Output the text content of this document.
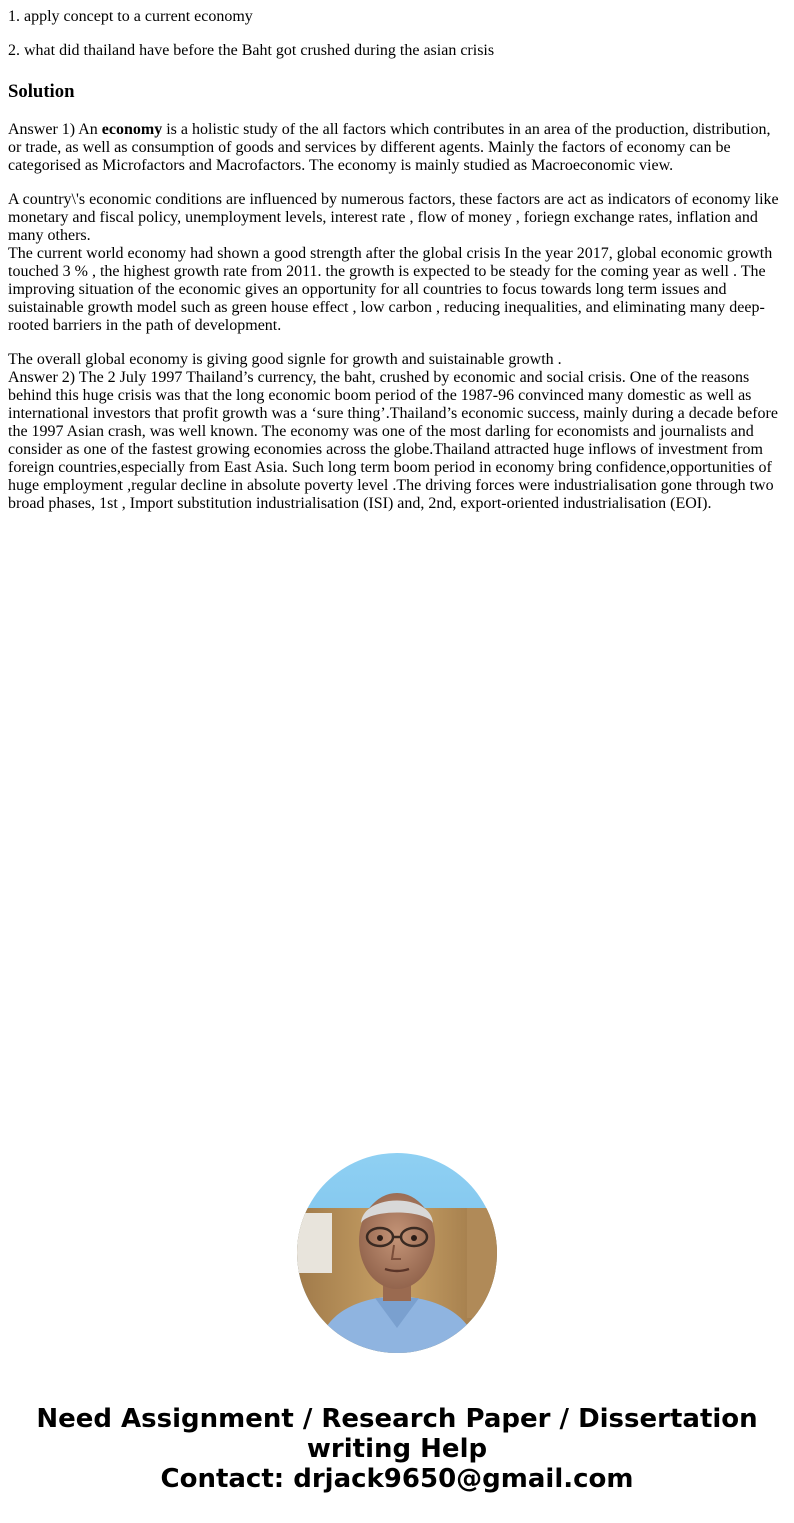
1. apply concept to a current economy

2. what did thailand have before the Baht got crushed during the asian crisis

Solution

Answer 1) An economy is a holistic study of the all factors which contributes in an area of the production, distribution, or trade, as well as consumption of goods and services by different agents. Mainly the factors of economy can be categorised as Microfactors and Macrofactors. The economy is mainly studied as Macroeconomic view.

A country\'s economic conditions are influenced by numerous factors, these factors are act as indicators of economy like monetary and fiscal policy, unemployment levels, interest rate , flow of money , foriegn exchange rates, inflation and many others.

The current world economy had shown a good strength after the global crisis In the year 2017, global economic growth touched 3 % , the highest growth rate from 2011. the growth is expected to be steady for the coming year as well . The improving situation of the economic gives an opportunity for all countries to focus towards long term issues and suistainable growth model such as green house effect , low carbon , reducing inequalities, and eliminating many deep-rooted barriers in the path of development.

The overall global economy is giving good signle for growth and suistainable growth .

Answer 2) The 2 July 1997 Thailand’s currency, the baht, crushed by economic and social crisis. One of the reasons behind this huge crisis was that the long economic boom period of the 1987-96 convinced many domestic as well as international investors that profit growth was a ‘sure thing’.Thailand’s economic success, mainly during a decade before the 1997 Asian crash, was well known. The economy was one of the most darling for economists and journalists and consider as one of the fastest growing economies across the globe.Thailand attracted huge inflows of investment from foreign countries,especially from East Asia. Such long term boom period in economy bring confidence,opportunities of huge employment ,regular decline in absolute poverty level .The driving forces were industrialisation gone through two broad phases, 1st , Import substitution industrialisation (ISI) and, 2nd, export-oriented industrialisation (EOI).

Need Assignment / Research Paper / Dissertation
writing Help
Contact: drjack9650@gmail.com
